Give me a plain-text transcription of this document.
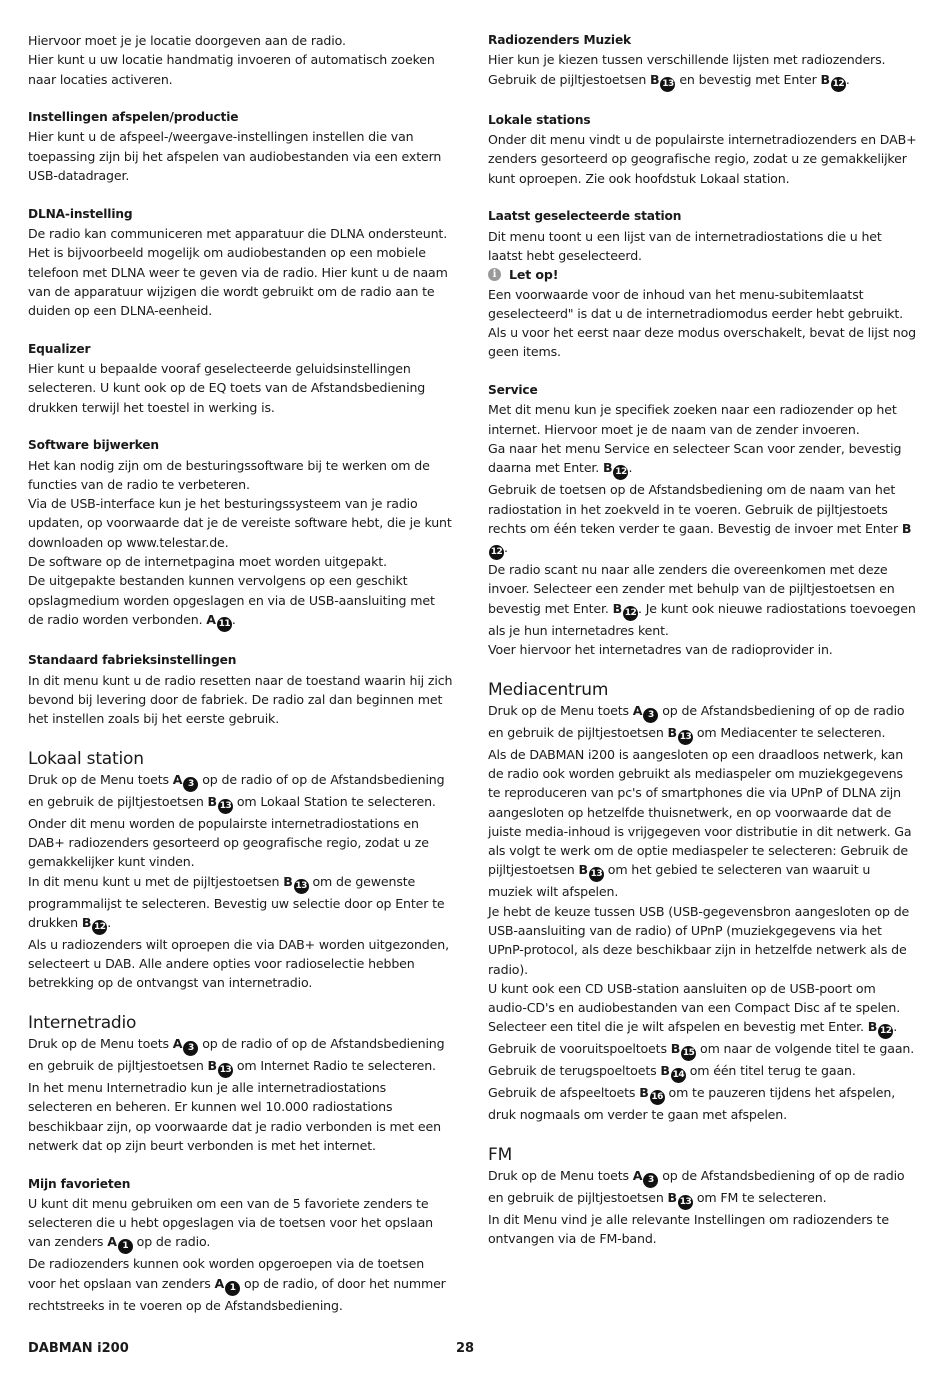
Hiervoor moet je je locatie doorgeven aan de radio.
Hier kunt u uw locatie handmatig invoeren of automatisch zoeken naar locaties activeren.
Instellingen afspelen/productie
Hier kunt u de afspeel-/weergave-instellingen instellen die van toepassing zijn bij het afspelen van audiobestanden via een extern USB-datadrager.
DLNA-instelling
De radio kan communiceren met apparatuur die DLNA ondersteunt. Het is bijvoorbeeld mogelijk om audiobestanden op een mobiele telefoon met DLNA weer te geven via de radio. Hier kunt u de naam van de apparatuur wijzigen die wordt gebruikt om de radio aan te duiden op een DLNA-eenheid.
Equalizer
Hier kunt u bepaalde vooraf geselecteerde geluidsinstellingen selecteren. U kunt ook op de EQ toets van de Afstandsbediening drukken terwijl het toestel in werking is.
Software bijwerken
Het kan nodig zijn om de besturingssoftware bij te werken om de functies van de radio te verbeteren.
Via de USB-interface kun je het besturingssysteem van je radio updaten, op voorwaarde dat je de vereiste software hebt, die je kunt downloaden op www.telestar.de.
De software op de internetpagina moet worden uitgepakt.
De uitgepakte bestanden kunnen vervolgens op een geschikt opslagmedium worden opgeslagen en via de USB-aansluiting met de radio worden verbonden. A 11 .
Standaard fabrieksinstellingen
In dit menu kunt u de radio resetten naar de toestand waarin hij zich bevond bij levering door de fabriek. De radio zal dan beginnen met het instellen zoals bij het eerste gebruik.
Lokaal station
Druk op de Menu toets A 3 op de radio of op de Afstandsbediening en gebruik de pijltjestoetsen B 13 om Lokaal Station te selecteren.
Onder dit menu worden de populairste internetradiostations en DAB+ radiozenders gesorteerd op geografische regio, zodat u ze gemakkelijker kunt vinden.
In dit menu kunt u met de pijltjestoetsen B 13 om de gewenste programmalijst te selecteren. Bevestig uw selectie door op Enter te drukken B 12 .
Als u radiozenders wilt oproepen die via DAB+ worden uitgezonden, selecteert u DAB. Alle andere opties voor radioselectie hebben betrekking op de ontvangst van internetradio.
Internetradio
Druk op de Menu toets A 3 op de radio of op de Afstandsbediening en gebruik de pijltjestoetsen B 13 om Internet Radio te selecteren.
In het menu Internetradio kun je alle internetradiostations selecteren en beheren. Er kunnen wel 10.000 radiostations beschikbaar zijn, op voorwaarde dat je radio verbonden is met een netwerk dat op zijn beurt verbonden is met het internet.
Mijn favorieten
U kunt dit menu gebruiken om een van de 5 favoriete zenders te selecteren die u hebt opgeslagen via de toetsen voor het opslaan van zenders A 1 op de radio.
De radiozenders kunnen ook worden opgeroepen via de toetsen voor het opslaan van zenders A 1 op de radio, of door het nummer rechtstreeks in te voeren op de Afstandsbediening.
Radiozenders Muziek
Hier kun je kiezen tussen verschillende lijsten met radiozenders. Gebruik de pijltjestoetsen B 13 en bevestig met Enter B 12 .
Lokale stations
Onder dit menu vindt u de populairste internetradiozenders en DAB+ zenders gesorteerd op geografische regio, zodat u ze gemakkelijker kunt oproepen. Zie ook hoofdstuk Lokaal station.
Laatst geselecteerde station
Dit menu toont u een lijst van de internetradiostations die u het laatst hebt geselecteerd.
i	Let op!
Een voorwaarde voor de inhoud van het menu-subitemlaatst geselecteerd" is dat u de internetradiomodus eerder hebt gebruikt. Als u voor het eerst naar deze modus overschakelt, bevat de lijst nog geen items.
Service
Met dit menu kun je specifiek zoeken naar een radiozender op het internet. Hiervoor moet je de naam van de zender invoeren.
Ga naar het menu Service en selecteer Scan voor zender, bevestig daarna met Enter. B 12 .
Gebruik de toetsen op de Afstandsbediening om de naam van het radiostation in het zoekveld in te voeren. Gebruik de pijltjestoets rechts om één teken verder te gaan. Bevestig de invoer met Enter B12 .
De radio scant nu naar alle zenders die overeenkomen met deze invoer. Selecteer een zender met behulp van de pijltjestoetsen en bevestig met Enter. B 12 . Je kunt ook nieuwe radiostations toevoegen als je hun internetadres kent.
Voer hiervoor het internetadres van de radioprovider in.
Mediacentrum
Druk op de Menu toets A 3 op de Afstandsbediening of op de radio en gebruik de pijltjestoetsen B 13 om Mediacenter te selecteren.
Als de DABMAN i200 is aangesloten op een draadloos netwerk, kan de radio ook worden gebruikt als mediaspeler om muziekgegevens te reproduceren van pc's of smartphones die via UPnP of DLNA zijn aangesloten op hetzelfde thuisnetwerk, en op voorwaarde dat de juiste media-inhoud is vrijgegeven voor distributie in dit netwerk. Ga als volgt te werk om de optie mediaspeler te selecteren: Gebruik de pijltjestoetsen B 13 om het gebied te selecteren van waaruit u muziek wilt afspelen.
Je hebt de keuze tussen USB (USB-gegevensbron aangesloten op de USB-aansluiting van de radio) of UPnP (muziekgegevens via het UPnP-protocol, als deze beschikbaar zijn in hetzelfde netwerk als de radio).
U kunt ook een CD USB-station aansluiten op de USB-poort om audio-CD's en audiobestanden van een Compact Disc af te spelen. Selecteer een titel die je wilt afspelen en bevestig met Enter. B 12 .
Gebruik de vooruitspoeltoets B 15 om naar de volgende titel te gaan.
Gebruik de terugspoeltoets B 14 om één titel terug te gaan.
Gebruik de afspeeltoets B 16 om te pauzeren tijdens het afspelen, druk nogmaals om verder te gaan met afspelen.
FM
Druk op de Menu toets A 3 op de Afstandsbediening of op de radio en gebruik de pijltjestoetsen B 13 om FM te selecteren.
In dit Menu vind je alle relevante Instellingen om radiozenders te ontvangen via de FM-band.
DABMAN i200	28
